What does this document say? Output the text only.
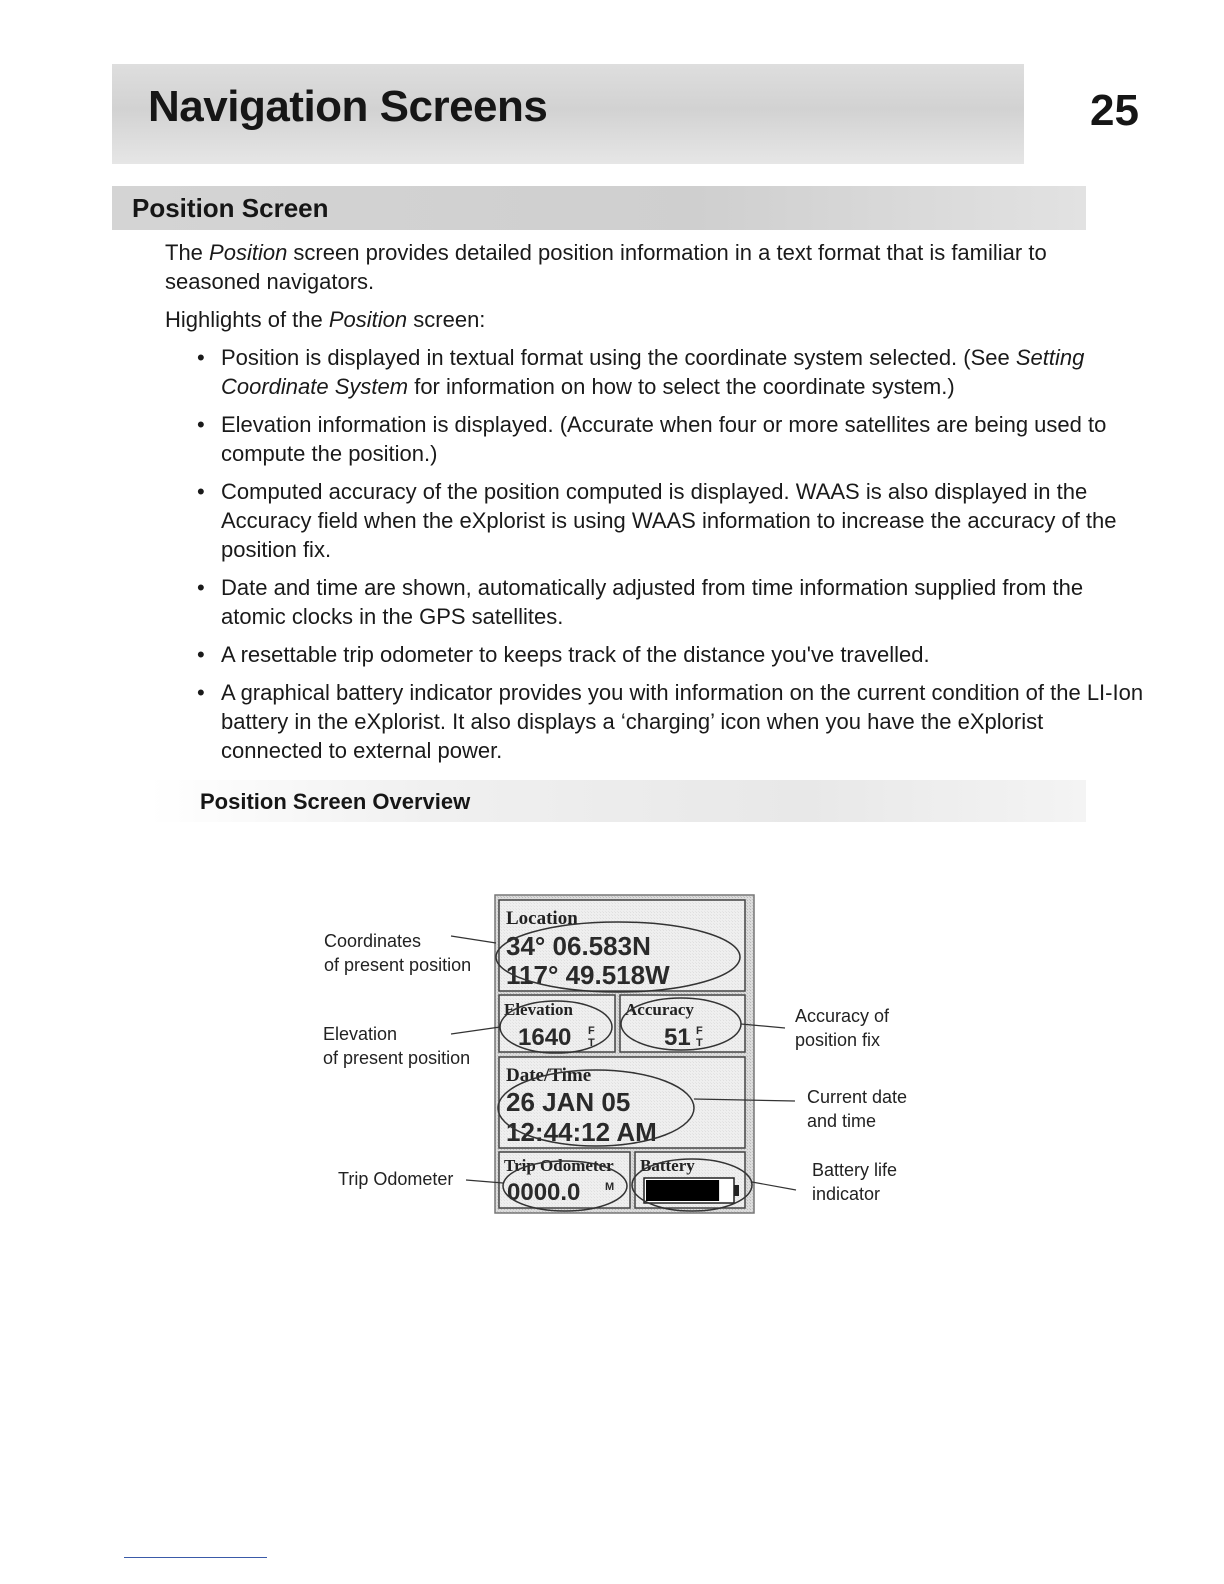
Navigation Screens	25
Position Screen

The Position screen provides detailed position information in a text format that is familiar to seasoned navigators.

Highlights of the Position screen:

• Position is displayed in textual format using the coordinate system selected. (See Setting Coordinate System for information on how to select the coordinate system.)
• Elevation information is displayed. (Accurate when four or more satellites are being used to compute the position.)
• Computed accuracy of the position computed is displayed. WAAS is also displayed in the Accuracy field when the eXplorist is using WAAS information to increase the accuracy of the position fix.
• Date and time are shown, automatically adjusted from time information supplied from the atomic clocks in the GPS satellites.
• A resettable trip odometer to keeps track of the distance you've travelled.
• A graphical battery indicator provides you with information on the current condition of the LI-Ion battery in the eXplorist. It also displays a ‘charging’ icon when you have the eXplorist connected to external power.
Position Screen Overview
Coordinates
of present position
Elevation
of present position
Trip Odometer
Accuracy of
position fix
Current date
and time
Battery life
indicator
Location
34° 06.583N
117° 49.518W
Elevation
1640 F
T
Accuracy
51 F
T
Date/Time
26 JAN 05
12:44:12 AM
Trip Odometer
0000.0 M
Battery
